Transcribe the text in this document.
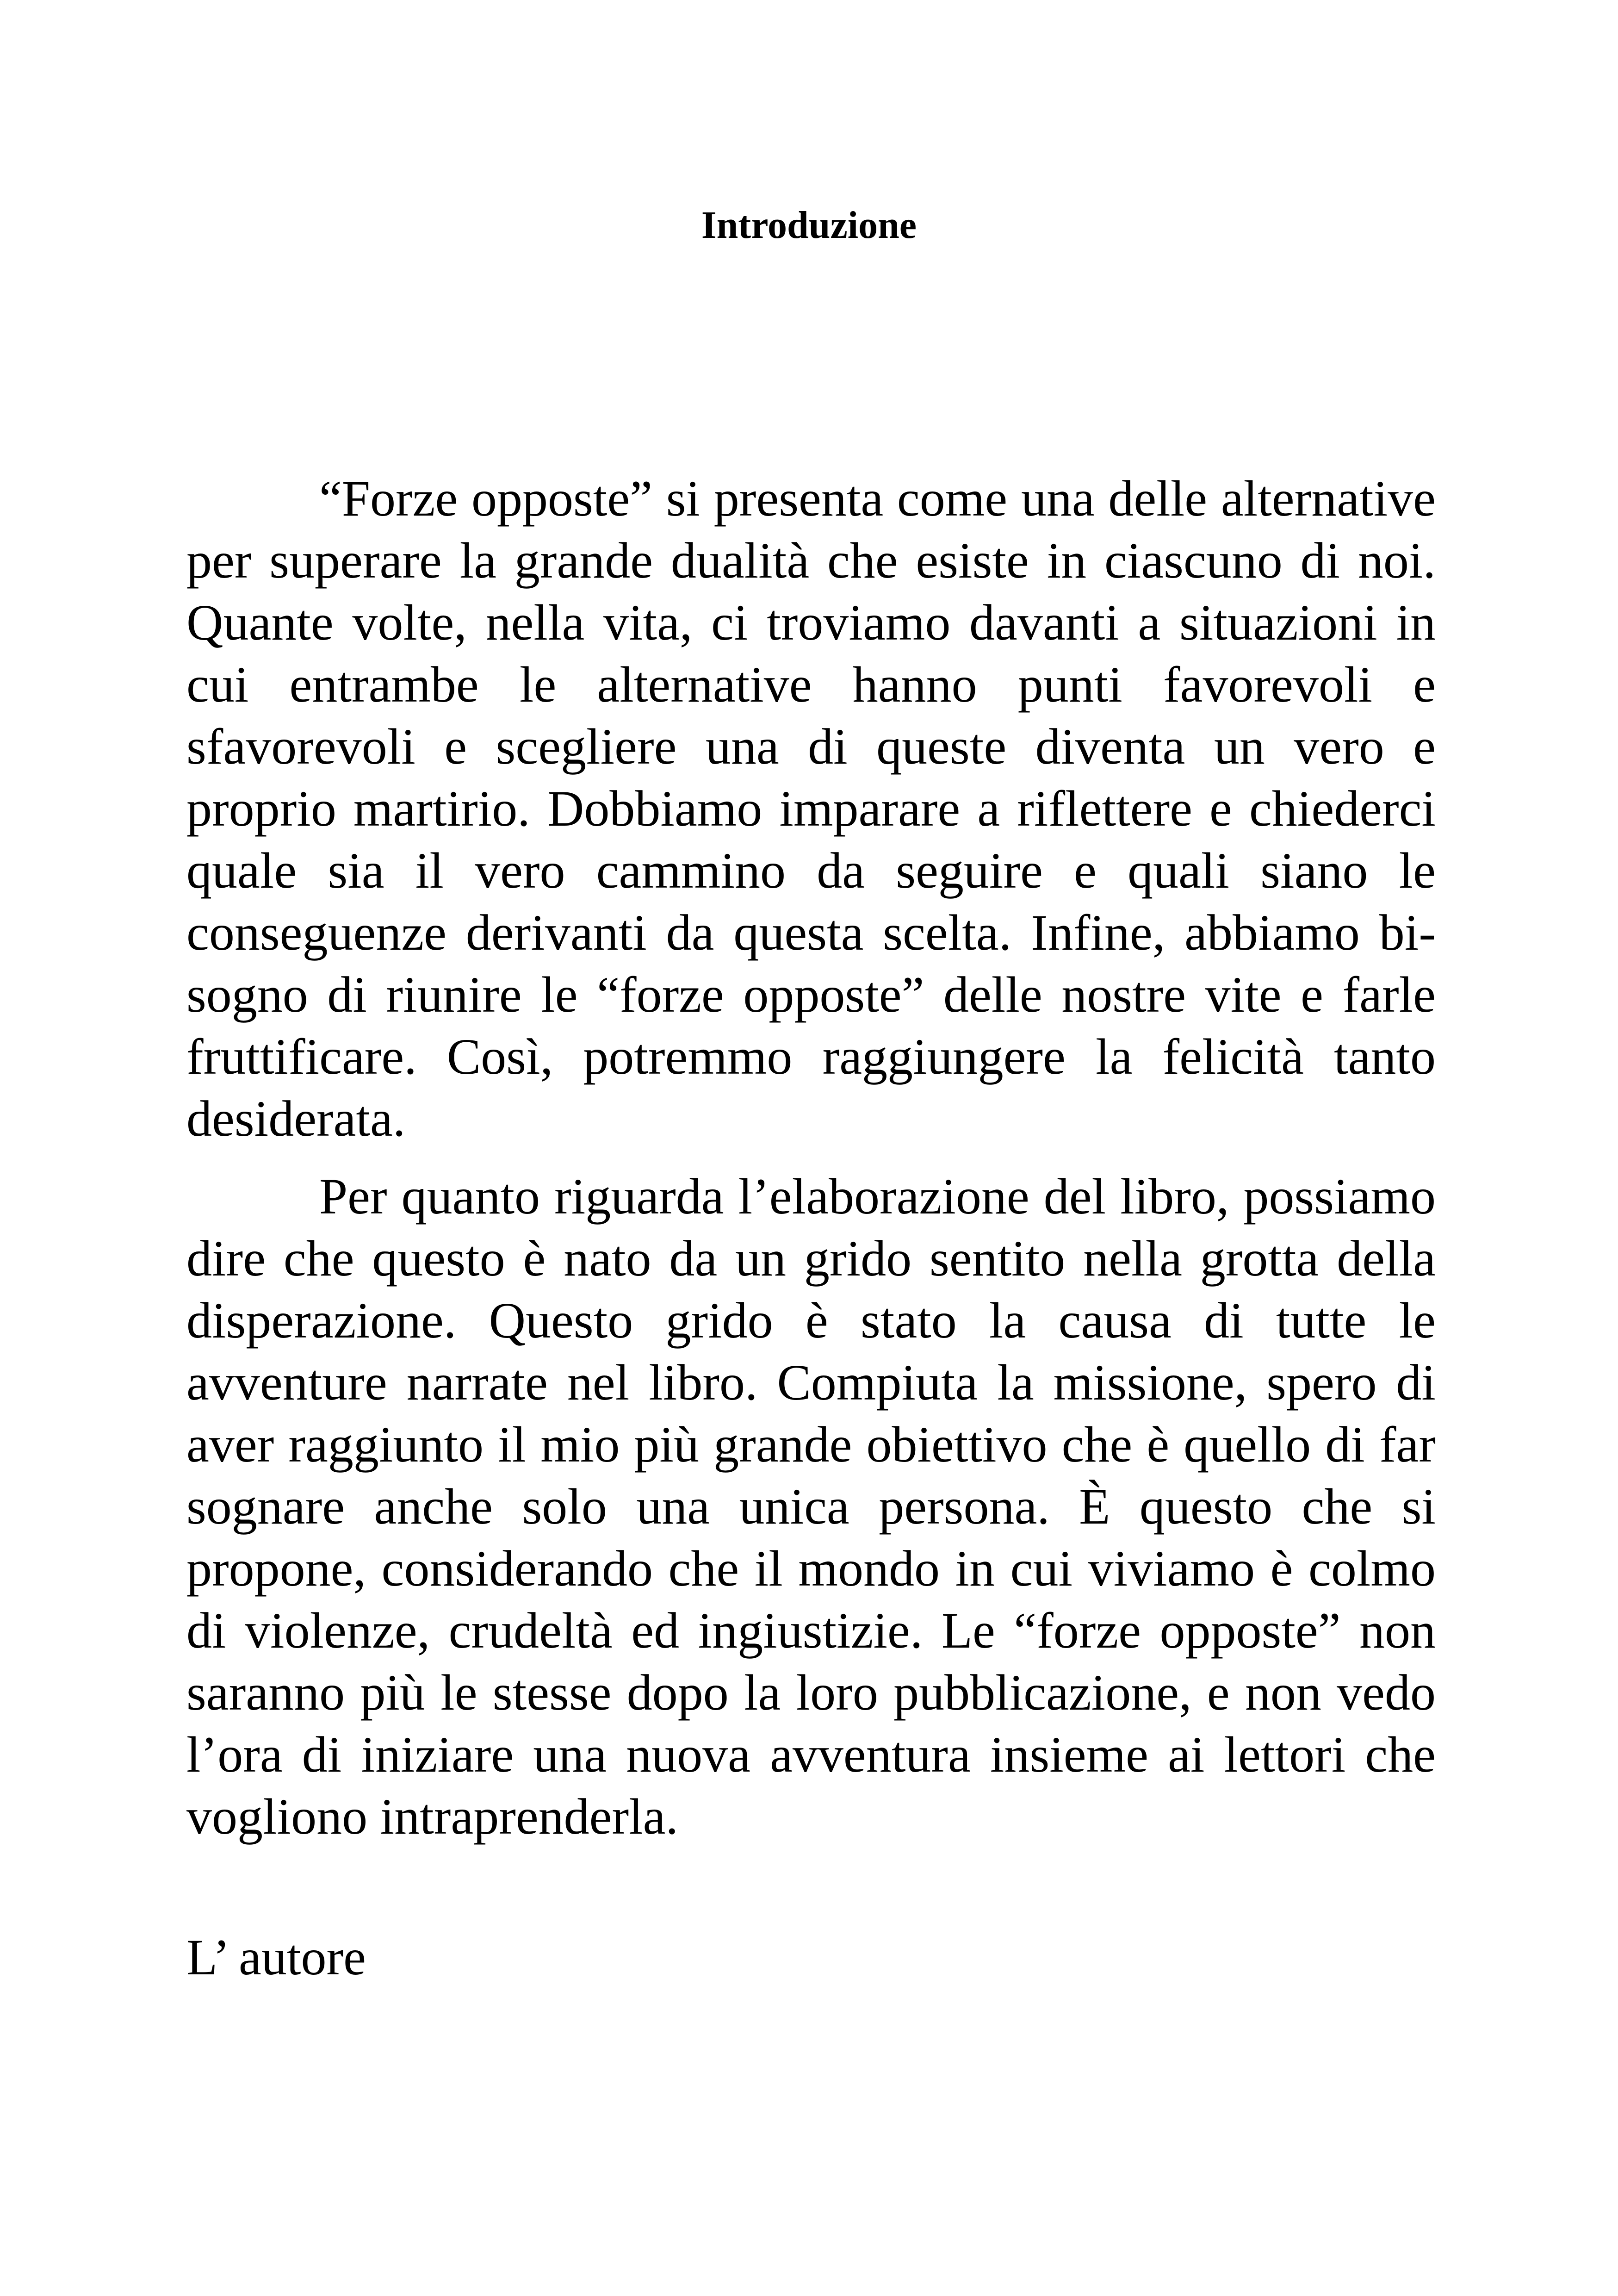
Introduzione

“Forze opposte” si presenta come una delle alternative per superare la grande dualità che esiste in ciascuno di noi. Quante volte, nella vita, ci troviamo davanti a situazioni in cui entrambe le alternative hanno punti favorevoli e sfavorevoli e scegliere una di queste diventa un vero e proprio martirio. Dobbiamo imparare a riflettere e chiederci quale sia il vero cammino da seguire e quali siano le conseguenze derivanti da questa scelta. Infine, abbiamo bisogno di riunire le “forze opposte” delle nostre vite e farle fruttificare. Così, potremmo raggiungere la felicità tanto desiderata.

Per quanto riguarda l’elaborazione del libro, possiamo dire che questo è nato da un grido sentito nella grotta della disperazione. Questo grido è stato la causa di tutte le avventure narrate nel libro. Compiuta la missione, spero di aver raggiunto il mio più grande obiettivo che è quello di far sognare anche solo una unica persona. È questo che si propone, considerando che il mondo in cui viviamo è colmo di violenze, crudeltà ed ingiustizie. Le “forze opposte” non saranno più le stesse dopo la loro pubblicazione, e non vedo l’ora di iniziare una nuova avventura insieme ai lettori che vogliono intraprenderla.

L’ autore
